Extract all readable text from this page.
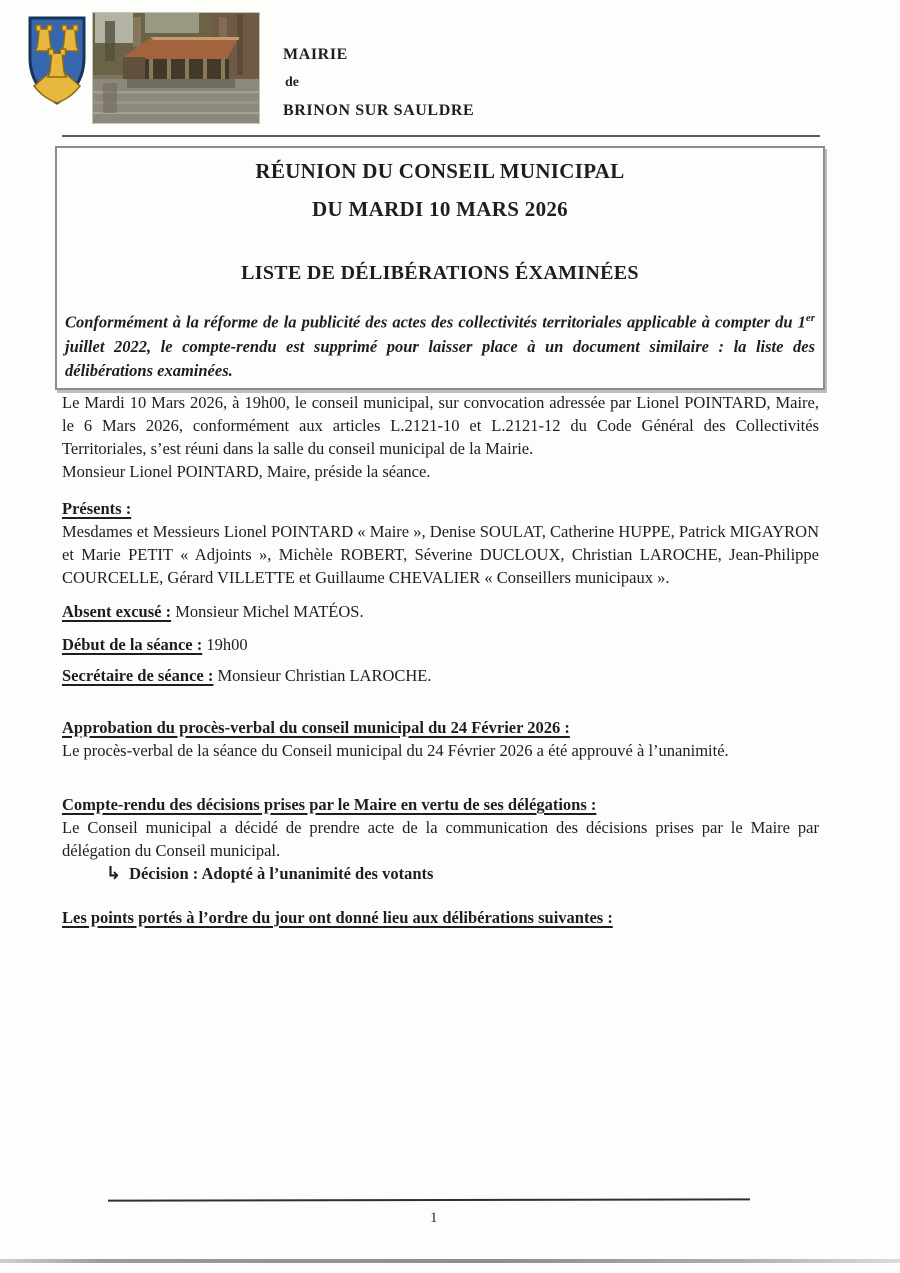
MAIRIE
de
BRINON SUR SAULDRE

RÉUNION DU CONSEIL MUNICIPAL

DU MARDI 10 MARS 2026

LISTE DE DÉLIBÉRATIONS ÉXAMINÉES

Conformément à la réforme de la publicité des actes des collectivités territoriales applicable à compter du 1er juillet 2022, le compte-rendu est supprimé pour laisser place à un document similaire : la liste des délibérations examinées.

Le Mardi 10 Mars 2026, à 19h00, le conseil municipal, sur convocation adressée par Lionel POINTARD, Maire, le 6 Mars 2026, conformément aux articles L.2121-10 et L.2121-12 du Code Général des Collectivités Territoriales, s’est réuni dans la salle du conseil municipal de la Mairie.

Monsieur Lionel POINTARD, Maire, préside la séance.

Présents :

Mesdames et Messieurs Lionel POINTARD « Maire », Denise SOULAT, Catherine HUPPE, Patrick MIGAYRON et Marie PETIT « Adjoints », Michèle ROBERT, Séverine DUCLOUX, Christian LAROCHE, Jean-Philippe COURCELLE, Gérard VILLETTE et Guillaume CHEVALIER « Conseillers municipaux ».

Absent excusé : Monsieur Michel MATÉOS.
Début de la séance : 19h00
Secrétaire de séance : Monsieur Christian LAROCHE.
Approbation du procès-verbal du conseil municipal du 24 Février 2026 :

Le procès-verbal de la séance du Conseil municipal du 24 Février 2026 a été approuvé à l’unanimité.

Compte-rendu des décisions prises par le Maire en vertu de ses délégations :

Le Conseil municipal a décidé de prendre acte de la communication des décisions prises par le Maire par délégation du Conseil municipal.

↳ Décision : Adopté à l’unanimité des votants

Les points portés à l’ordre du jour ont donné lieu aux délibérations suivantes :
1
